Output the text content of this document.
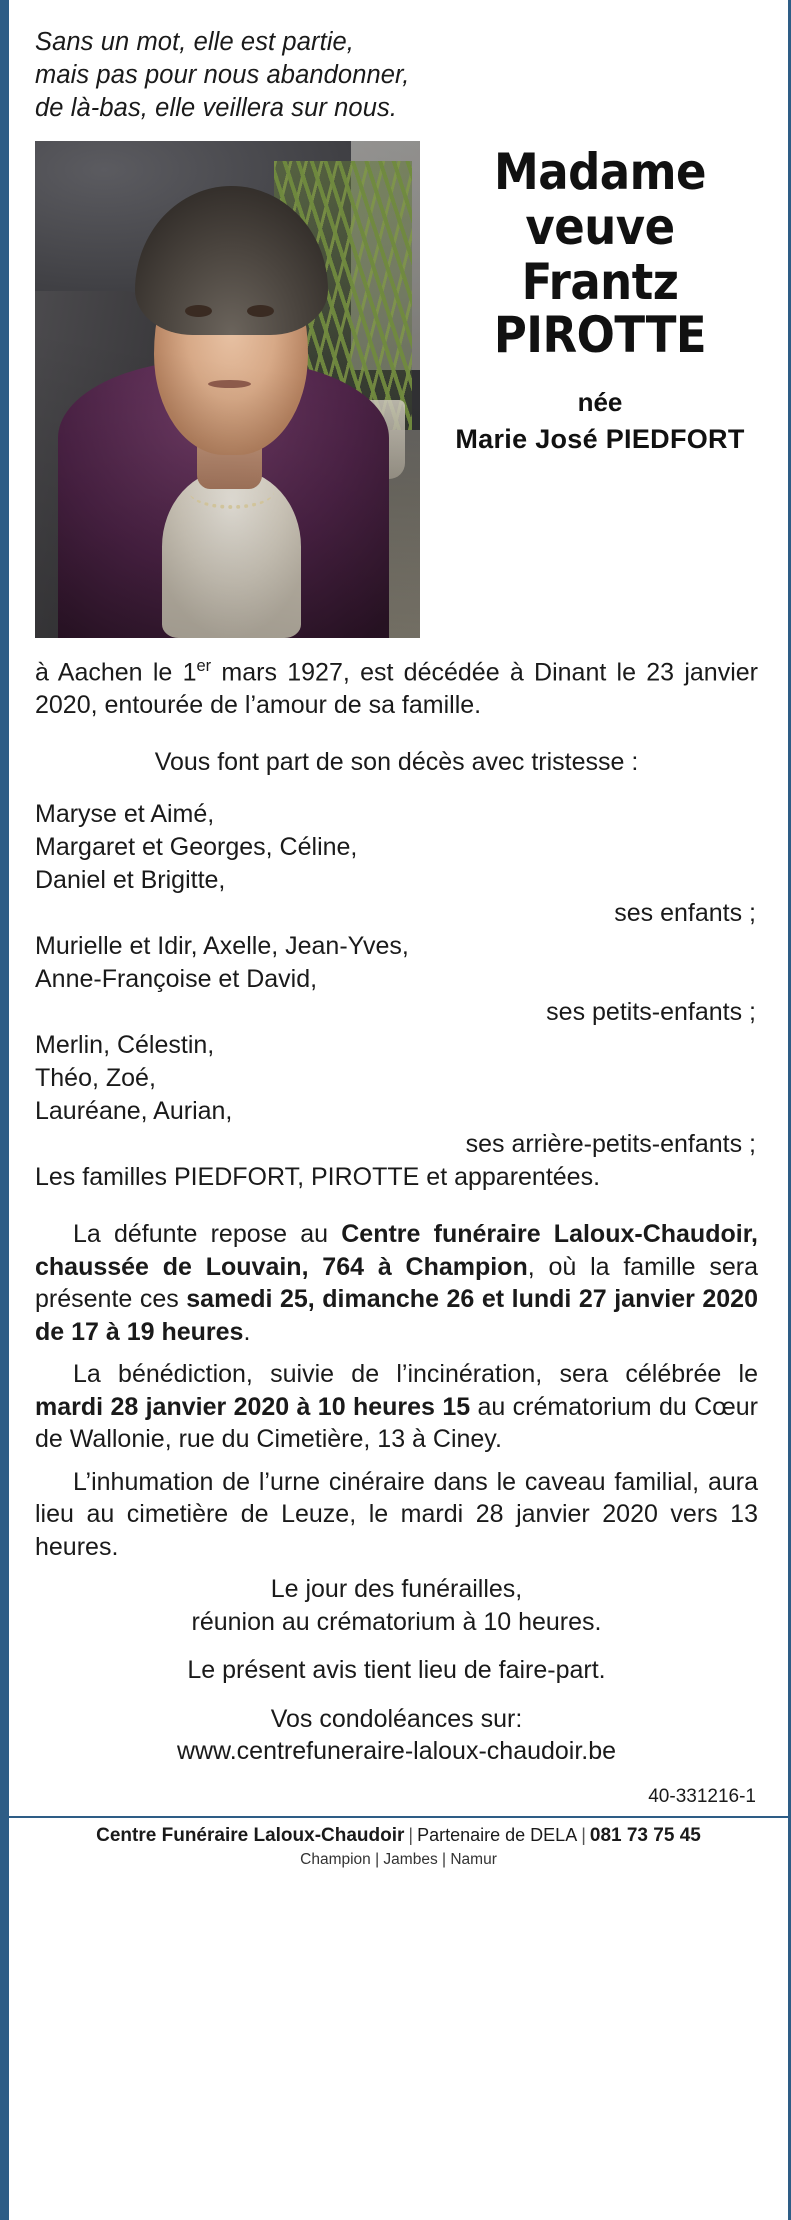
Sans un mot, elle est partie,
mais pas pour nous abandonner,
de là-bas, elle veillera sur nous.
Madame
veuve
Frantz
PIROTTE
née
Marie José PIEDFORT

à Aachen le 1er mars 1927, est décédée à Dinant le 23 janvier 2020, entourée de l’amour de sa famille.

Vous font part de son décès avec tristesse :

Maryse et Aimé,
Margaret et Georges, Céline,
Daniel et Brigitte,
ses enfants ;
Murielle et Idir, Axelle, Jean-Yves,
Anne-Françoise et David,
ses petits-enfants ;
Merlin, Célestin,
Théo, Zoé,
Lauréane, Aurian,
ses arrière-petits-enfants ;
Les familles PIEDFORT, PIROTTE et apparentées.

La défunte repose au Centre funéraire Laloux-Chaudoir, chaussée de Louvain, 764 à Champion, où la famille sera présente ces samedi 25, dimanche 26 et lundi 27 janvier 2020 de 17 à 19 heures.

La bénédiction, suivie de l’incinération, sera célébrée le mardi 28 janvier 2020 à 10 heures 15 au crématorium du Cœur de Wallonie, rue du Cimetière, 13 à Ciney.

L’inhumation de l’urne cinéraire dans le caveau familial, aura lieu au cimetière de Leuze, le mardi 28 janvier 2020 vers 13 heures.

Le jour des funérailles,

réunion au crématorium à 10 heures.

Le présent avis tient lieu de faire-part.

Vos condoléances sur:

www.centrefuneraire-laloux-chaudoir.be

40-331216-1
Centre Funéraire Laloux-Chaudoir | Partenaire de DELA | 081 73 75 45
Champion | Jambes | Namur
